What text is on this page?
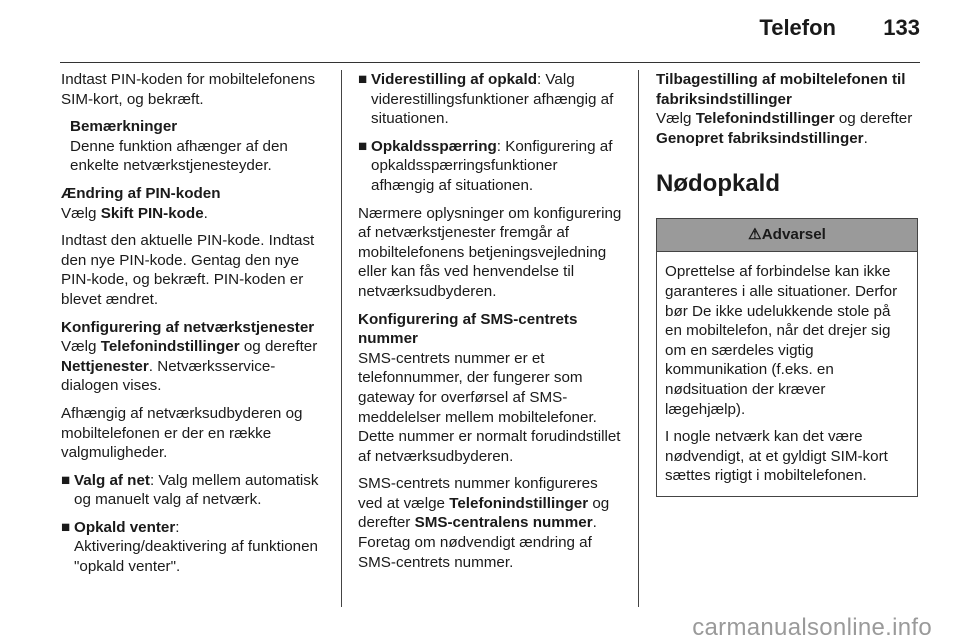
Telefon 133

Indtast PIN-koden for mobiltelefonens SIM-kort, og bekræft.

Bemærkninger
Denne funktion afhænger af den enkelte netværkstjenesteyder.
Ændring af PIN-koden

Vælg Skift PIN-kode.

Indtast den aktuelle PIN-kode. Indtast den nye PIN-kode. Gentag den nye PIN-kode, og bekræft. PIN-koden er blevet ændret.

Konfigurering af netværkstjenester

Vælg Telefonindstillinger og derefter Nettjenester. Netværksservice-dialogen vises.

Afhængig af netværksudbyderen og mobiltelefonen er der en række valgmuligheder.

■ Valg af net: Valg mellem automatisk og manuelt valg af netværk.
■ Opkald venter: Aktivering/deaktivering af funktionen "opkald venter".
■ Viderestilling af opkald: Valg viderestillingsfunktioner afhængig af situationen.
■ Opkaldsspærring: Konfigurering af opkaldsspærringsfunktioner afhængig af situationen.

Nærmere oplysninger om konfigurering af netværkstjenester fremgår af mobiltelefonens betjeningsvejledning eller kan fås ved henvendelse til netværksudbyderen.

Konfigurering af SMS-centrets nummer

SMS-centrets nummer er et telefonnummer, der fungerer som gateway for overførsel af SMS-meddelelser mellem mobiltelefoner. Dette nummer er normalt forudindstillet af netværksudbyderen.

SMS-centrets nummer konfigureres ved at vælge Telefonindstillinger og derefter SMS-centralens nummer. Foretag om nødvendigt ændring af SMS-centrets nummer.

Tilbagestilling af mobiltelefonen til fabriksindstillinger

Vælg Telefonindstillinger og derefter Genopret fabriksindstillinger.

Nødopkald
⚠Advarsel

Oprettelse af forbindelse kan ikke garanteres i alle situationer. Derfor bør De ikke udelukkende stole på en mobiltelefon, når det drejer sig om en særdeles vigtig kommunikation (f.eks. en nødsituation der kræver lægehjælp).

I nogle netværk kan det være nødvendigt, at et gyldigt SIM-kort sættes rigtigt i mobiltelefonen.

carmanualsonline.info
